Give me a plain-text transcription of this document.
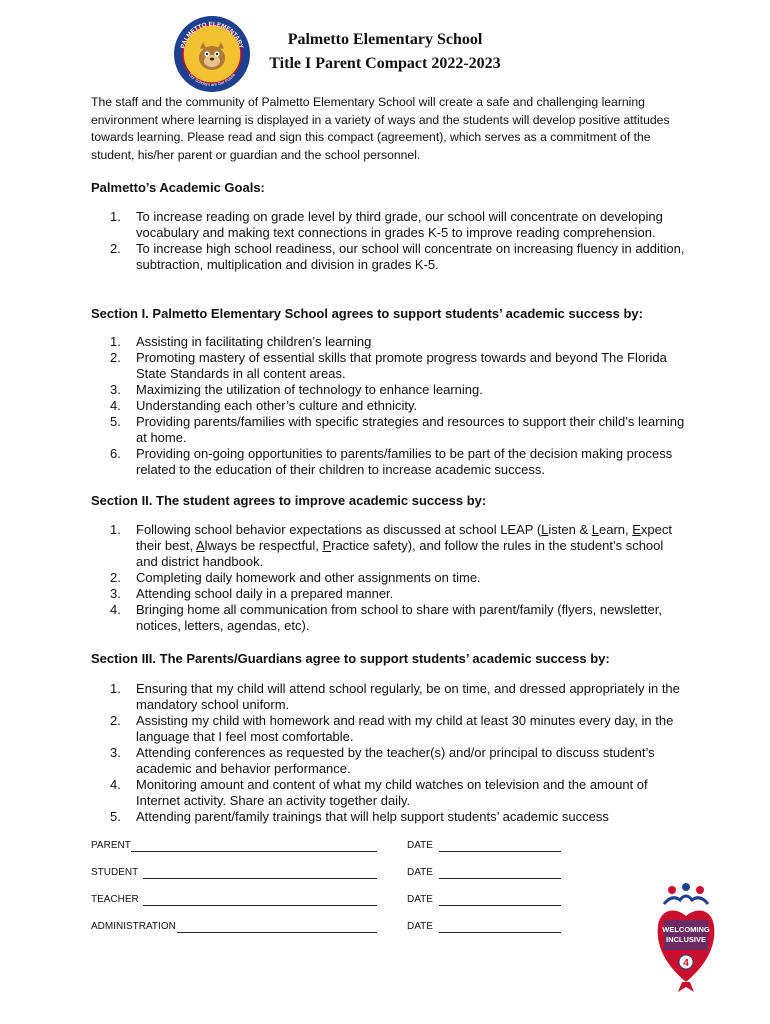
PALMETTO ELEMENTARY
Our Scholars are Our Future
Palmetto Elementary School
Title I Parent Compact 2022-2023
The staff and the community of Palmetto Elementary School will create a safe and challenging learning environment where learning is displayed in a variety of ways and the students will develop positive attitudes towards learning. Please read and sign this compact (agreement), which serves as a commitment of the student, his/her parent or guardian and the school personnel.
Palmetto’s Academic Goals:
1. To increase reading on grade level by third grade, our school will concentrate on developing vocabulary and making text connections in grades K-5 to improve reading comprehension.
2. To increase high school readiness, our school will concentrate on increasing fluency in addition, subtraction, multiplication and division in grades K-5.
Section I. Palmetto Elementary School agrees to support students’ academic success by:
1. Assisting in facilitating children’s learning
2. Promoting mastery of essential skills that promote progress towards and beyond The Florida State Standards in all content areas.
3. Maximizing the utilization of technology to enhance learning.
4. Understanding each other’s culture and ethnicity.
5. Providing parents/families with specific strategies and resources to support their child’s learning at home.
6. Providing on-going opportunities to parents/families to be part of the decision making process related to the education of their children to increase academic success.
Section II. The student agrees to improve academic success by:
1. Following school behavior expectations as discussed at school LEAP (Listen & Learn, Expect their best, Always be respectful, Practice safety), and follow the rules in the student’s school and district handbook.
2. Completing daily homework and other assignments on time.
3. Attending school daily in a prepared manner.
4. Bringing home all communication from school to share with parent/family (flyers, newsletter, notices, letters, agendas, etc).
Section III. The Parents/Guardians agree to support students’ academic success by:
1. Ensuring that my child will attend school regularly, be on time, and dressed appropriately in the mandatory school uniform.
2. Assisting my child with homework and read with my child at least 30 minutes every day, in the language that I feel most comfortable.
3. Attending conferences as requested by the teacher(s) and/or principal to discuss student’s academic and behavior performance.
4. Monitoring amount and content of what my child watches on television and the amount of Internet activity. Share an activity together daily.
5. Attending parent/family trainings that will help support students’ academic success
PARENT	DATE
STUDENT	DATE
TEACHER	DATE
ADMINISTRATION	DATE	WELCOMING
INCLUSIVE
4
